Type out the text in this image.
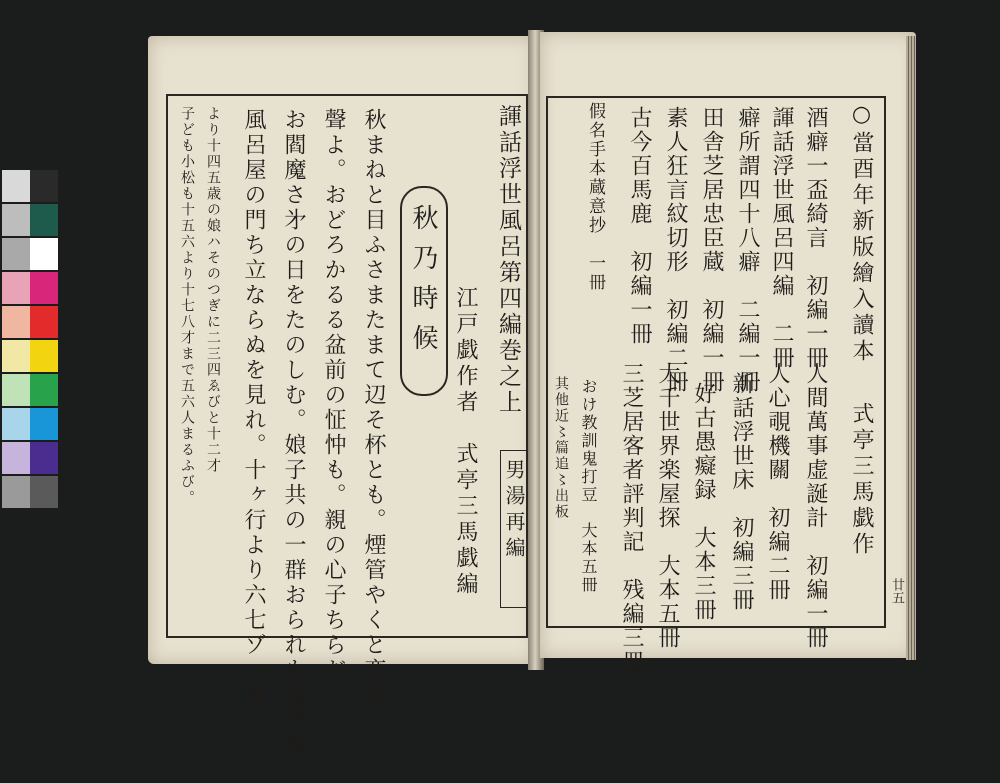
諢話浮世風呂第四編巻之上
江戸戯作者　式亭三馬戯編 男湯再編
秋乃時候
秋まねと目ふさまたまて辺そ杯とも。煙管やくと変る
聲よ。おどろかるる盆前の怔忡も。親の心子ちらだとて
お閻魔さ㐧の日をたのしむ。娘子共の一群おられも浮世飲
風呂屋の門ち立ならぬを見れ。十ヶ行より六七ゾつまでその
より十四五歳の娘ハそのつぎに二三四ゑびと十二才
子ども小松も十五六より十七八才まで五六人まるふび。	○當酉年新版繪入讀本
式亭三馬戯作
酒癖一盃綺言　初編一冊
諢話浮世風呂四編　二冊
癖所謂四十八癖　二編一冊
田舎芝居忠臣蔵　初編一冊
素人狂言紋切形　初編二冊
古今百馬鹿　初編一冊
假名手本蔵意抄　一冊
人間萬事虚誕計　初編一冊
人心覗機關　初編二冊
新話浮世床　初編三冊
好古愚癡録　大本三冊
大千世界楽屋探　大本五冊
三芝居客者評判記　残編三冊
おけ教訓鬼打豆　大本五冊
其他近〻篇追〻出板
廿五
